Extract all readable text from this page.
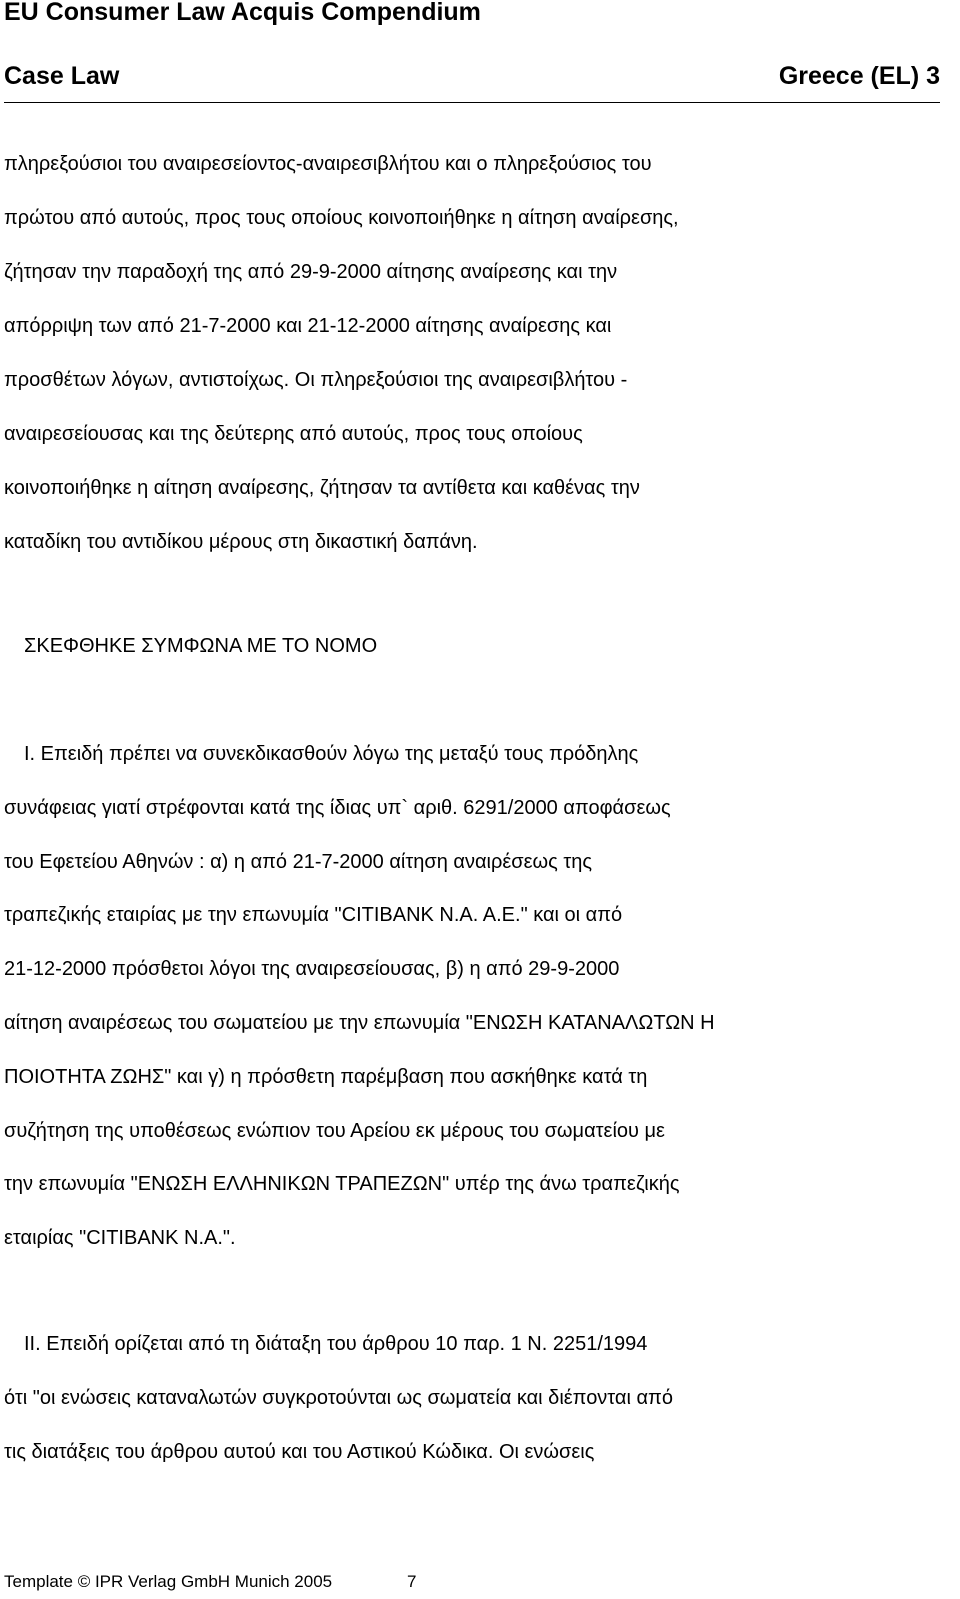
EU Consumer Law Acquis Compendium
Case Law	Greece (EL) 3
πληρεξούσιοι του αναιρεσείοντος-αναιρεσιβλήτου και ο πληρεξούσιος του
πρώτου από αυτούς, προς τους οποίους κοινοποιήθηκε η αίτηση αναίρεσης,
ζήτησαν την παραδοχή της από 29-9-2000 αίτησης αναίρεσης και την
απόρριψη των από 21-7-2000 και 21-12-2000 αίτησης αναίρεσης και
προσθέτων λόγων, αντιστοίχως. Οι πληρεξούσιοι της αναιρεσιβλήτου -
αναιρεσείουσας και της δεύτερης από αυτούς, προς τους οποίους
κοινοποιήθηκε η αίτηση αναίρεσης, ζήτησαν τα αντίθετα και καθένας την
καταδίκη του αντιδίκου μέρους στη δικαστική δαπάνη.
ΣΚΕΦΘΗΚΕ ΣΥΜΦΩΝΑ ΜΕ ΤΟ ΝΟΜΟ
I. Επειδή πρέπει να συνεκδικασθούν λόγω της μεταξύ τους πρόδηλης
συνάφειας γιατί στρέφονται κατά της ίδιας υπ` αριθ. 6291/2000 αποφάσεως
του Εφετείου Αθηνών : α) η από 21-7-2000 αίτηση αναιρέσεως της
τραπεζικής εταιρίας με την επωνυμία "CITIBANK N.A. A.E." και οι από
21-12-2000 πρόσθετοι λόγοι της αναιρεσείουσας, β) η από 29-9-2000
αίτηση αναιρέσεως του σωματείου με την επωνυμία "ΕΝΩΣΗ ΚΑΤΑΝΑΛΩΤΩΝ Η
ΠΟΙΟΤΗΤΑ ΖΩΗΣ" και γ) η πρόσθετη παρέμβαση που ασκήθηκε κατά τη
συζήτηση της υποθέσεως ενώπιον του Αρείου εκ μέρους του σωματείου με
την επωνυμία "ΕΝΩΣΗ ΕΛΛΗΝΙΚΩΝ ΤΡΑΠΕΖΩΝ" υπέρ της άνω τραπεζικής
εταιρίας "CITIBANK N.A.".
II. Επειδή ορίζεται από τη διάταξη του άρθρου 10 παρ. 1 Ν. 2251/1994
ότι "οι ενώσεις καταναλωτών συγκροτούνται ως σωματεία και διέπονται από
τις διατάξεις του άρθρου αυτού και του Αστικού Κώδικα. Οι ενώσεις
Template © IPR Verlag GmbH Munich 2005	7
